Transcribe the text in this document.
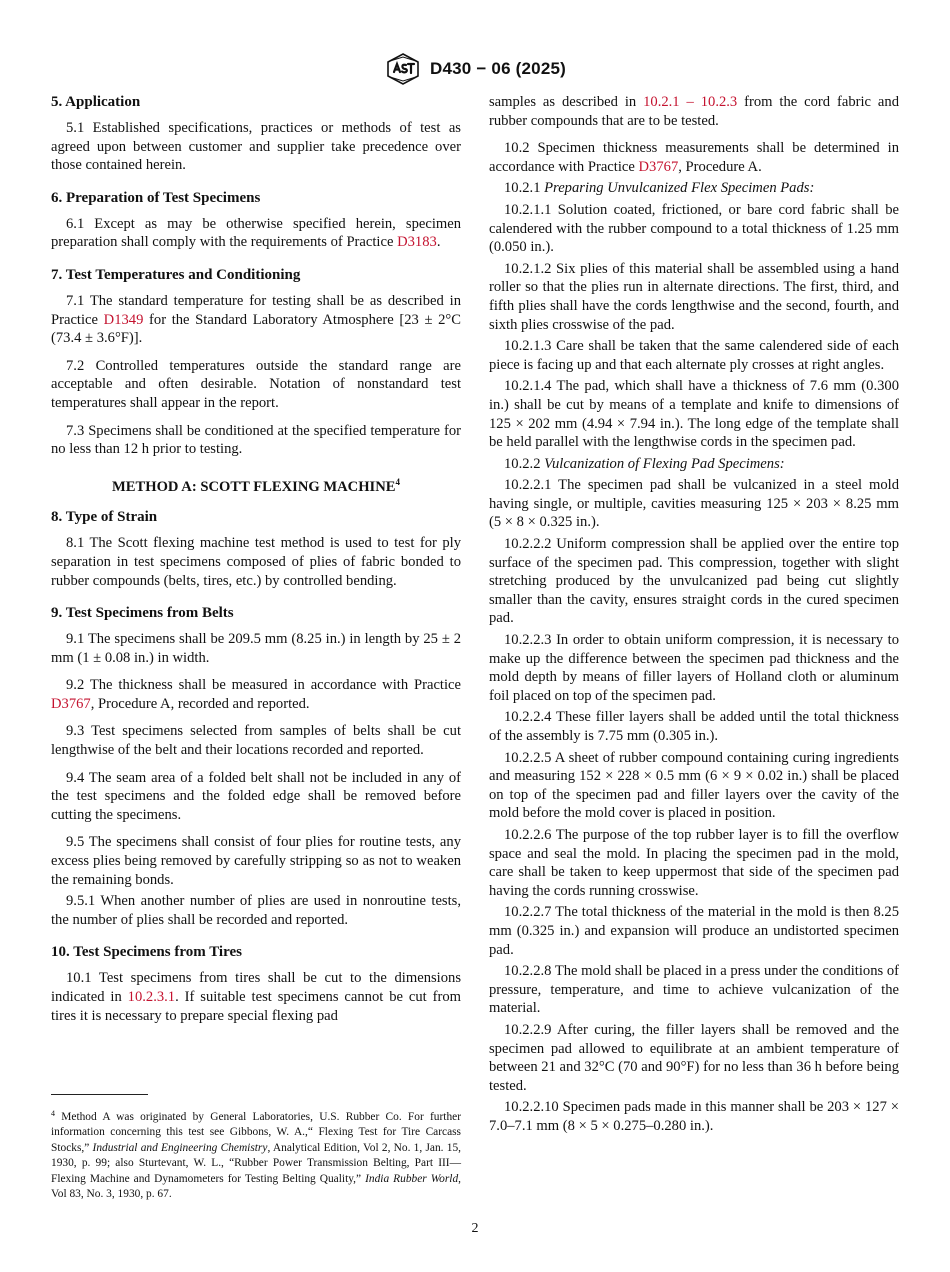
D430 − 06 (2025)
5. Application

5.1 Established specifications, practices or methods of test as agreed upon between customer and supplier take precedence over those contained herein.

6. Preparation of Test Specimens

6.1 Except as may be otherwise specified herein, specimen preparation shall comply with the requirements of Practice D3183.

7. Test Temperatures and Conditioning

7.1 The standard temperature for testing shall be as described in Practice D1349 for the Standard Laboratory Atmosphere [23 ± 2°C (73.4 ± 3.6°F)].

7.2 Controlled temperatures outside the standard range are acceptable and often desirable. Notation of nonstandard test temperatures shall appear in the report.

7.3 Specimens shall be conditioned at the specified temperature for no less than 12 h prior to testing.

METHOD A: SCOTT FLEXING MACHINE$^4$
8. Type of Strain

8.1 The Scott flexing machine test method is used to test for ply separation in test specimens composed of plies of fabric bonded to rubber compounds (belts, tires, etc.) by controlled bending.

9. Test Specimens from Belts

9.1 The specimens shall be 209.5 mm (8.25 in.) in length by 25 ± 2 mm (1 ± 0.08 in.) in width.

9.2 The thickness shall be measured in accordance with Practice D3767, Procedure A, recorded and reported.

9.3 Test specimens selected from samples of belts shall be cut lengthwise of the belt and their locations recorded and reported.

9.4 The seam area of a folded belt shall not be included in any of the test specimens and the folded edge shall be removed before cutting the specimens.

9.5 The specimens shall consist of four plies for routine tests, any excess plies being removed by carefully stripping so as not to weaken the remaining bonds.

9.5.1 When another number of plies are used in nonroutine tests, the number of plies shall be recorded and reported.

10. Test Specimens from Tires

10.1 Test specimens from tires shall be cut to the dimensions indicated in 10.2.3.1. If suitable test specimens cannot be cut from tires it is necessary to prepare special flexing pad

$^4$ Method A was originated by General Laboratories, U.S. Rubber Co. For further information concerning this test see Gibbons, W. A.,“ Flexing Test for Tire Carcass Stocks,” Industrial and Engineering Chemistry, Analytical Edition, Vol 2, No. 1, Jan. 15, 1930, p. 99; also Sturtevant, W. L., “Rubber Power Transmission Belting, Part III—Flexing Machine and Dynamometers for Testing Belting Quality,” India Rubber World, Vol 83, No. 3, 1930, p. 67.

samples as described in 10.2.1 – 10.2.3 from the cord fabric and rubber compounds that are to be tested.

10.2 Specimen thickness measurements shall be determined in accordance with Practice D3767, Procedure A.

10.2.1 Preparing Unvulcanized Flex Specimen Pads:

10.2.1.1 Solution coated, frictioned, or bare cord fabric shall be calendered with the rubber compound to a total thickness of 1.25 mm (0.050 in.).

10.2.1.2 Six plies of this material shall be assembled using a hand roller so that the plies run in alternate directions. The first, third, and fifth plies shall have the cords lengthwise and the second, fourth, and sixth plies crosswise of the pad.

10.2.1.3 Care shall be taken that the same calendered side of each piece is facing up and that each alternate ply crosses at right angles.

10.2.1.4 The pad, which shall have a thickness of 7.6 mm (0.300 in.) shall be cut by means of a template and knife to dimensions of 125 × 202 mm (4.94 × 7.94 in.). The long edge of the template shall be held parallel with the lengthwise cords in the specimen pad.

10.2.2 Vulcanization of Flexing Pad Specimens:

10.2.2.1 The specimen pad shall be vulcanized in a steel mold having single, or multiple, cavities measuring 125 × 203 × 8.25 mm (5 × 8 × 0.325 in.).

10.2.2.2 Uniform compression shall be applied over the entire top surface of the specimen pad. This compression, together with slight stretching produced by the unvulcanized pad being cut slightly smaller than the cavity, ensures straight cords in the cured specimen pad.

10.2.2.3 In order to obtain uniform compression, it is necessary to make up the difference between the specimen pad thickness and the mold depth by means of filler layers of Holland cloth or aluminum foil placed on top of the specimen pad.

10.2.2.4 These filler layers shall be added until the total thickness of the assembly is 7.75 mm (0.305 in.).

10.2.2.5 A sheet of rubber compound containing curing ingredients and measuring 152 × 228 × 0.5 mm (6 × 9 × 0.02 in.) shall be placed on top of the specimen pad and filler layers over the cavity of the mold before the mold cover is placed in position.

10.2.2.6 The purpose of the top rubber layer is to fill the overflow space and seal the mold. In placing the specimen pad in the mold, care shall be taken to keep uppermost that side of the specimen pad having the cords running crosswise.

10.2.2.7 The total thickness of the material in the mold is then 8.25 mm (0.325 in.) and expansion will produce an undistorted specimen pad.

10.2.2.8 The mold shall be placed in a press under the conditions of pressure, temperature, and time to achieve vulcanization of the material.

10.2.2.9 After curing, the filler layers shall be removed and the specimen pad allowed to equilibrate at an ambient temperature of between 21 and 32°C (70 and 90°F) for no less than 36 h before being tested.

10.2.2.10 Specimen pads made in this manner shall be 203 × 127 × 7.0–7.1 mm (8 × 5 × 0.275–0.280 in.).

2
